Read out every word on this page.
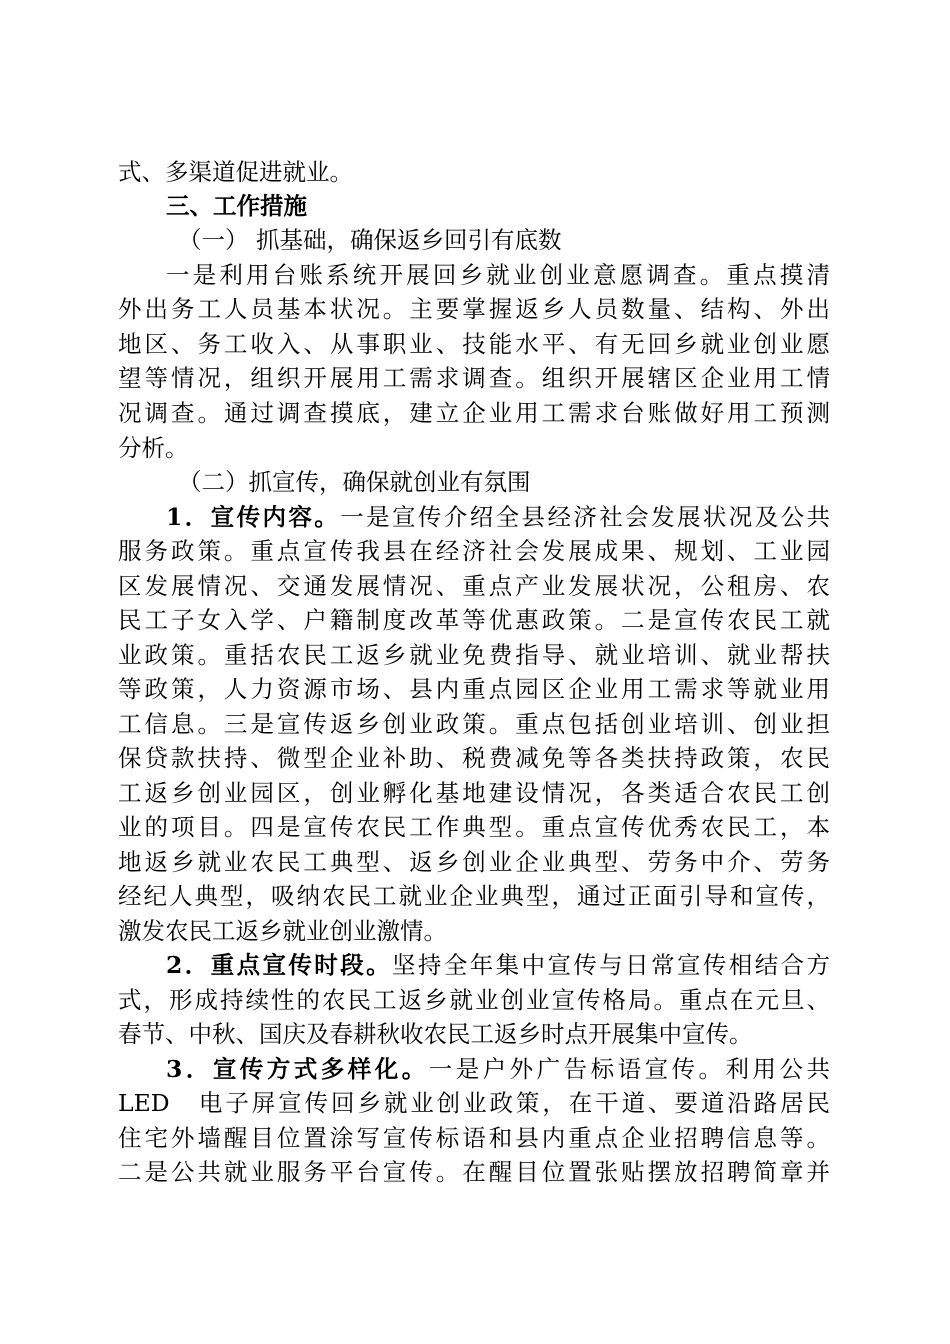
式、多渠道促进就业。
三、工作措施
（一） 抓基础，确保返乡回引有底数
一是利用台账系统开展回乡就业创业意愿调查。重点摸清
外出务工人员基本状况。主要掌握返乡人员数量、结构、外出
地区、务工收入、从事职业、技能水平、有无回乡就业创业愿
望等情况，组织开展用工需求调查。组织开展辖区企业用工情
况调查。通过调查摸底，建立企业用工需求台账做好用工预测
分析。
（二）抓宣传，确保就创业有氛围
1．宣传内容。一是宣传介绍全县经济社会发展状况及公共
服务政策。重点宣传我县在经济社会发展成果、规划、工业园
区发展情况、交通发展情况、重点产业发展状况，公租房、农
民工子女入学、户籍制度改革等优惠政策。二是宣传农民工就
业政策。重括农民工返乡就业免费指导、就业培训、就业帮扶
等政策，人力资源市场、县内重点园区企业用工需求等就业用
工信息。三是宣传返乡创业政策。重点包括创业培训、创业担
保贷款扶持、微型企业补助、税费减免等各类扶持政策，农民
工返乡创业园区，创业孵化基地建设情况，各类适合农民工创
业的项目。四是宣传农民工作典型。重点宣传优秀农民工，本
地返乡就业农民工典型、返乡创业企业典型、劳务中介、劳务
经纪人典型，吸纳农民工就业企业典型，通过正面引导和宣传，
激发农民工返乡就业创业激情。
2．重点宣传时段。坚持全年集中宣传与日常宣传相结合方
式，形成持续性的农民工返乡就业创业宣传格局。重点在元旦、
春节、中秋、国庆及春耕秋收农民工返乡时点开展集中宣传。
3．宣传方式多样化。一是户外广告标语宣传。利用公共
LED　电子屏宣传回乡就业创业政策，在干道、要道沿路居民
住宅外墙醒目位置涂写宣传标语和县内重点企业招聘信息等。
二是公共就业服务平台宣传。在醒目位置张贴摆放招聘简章并
